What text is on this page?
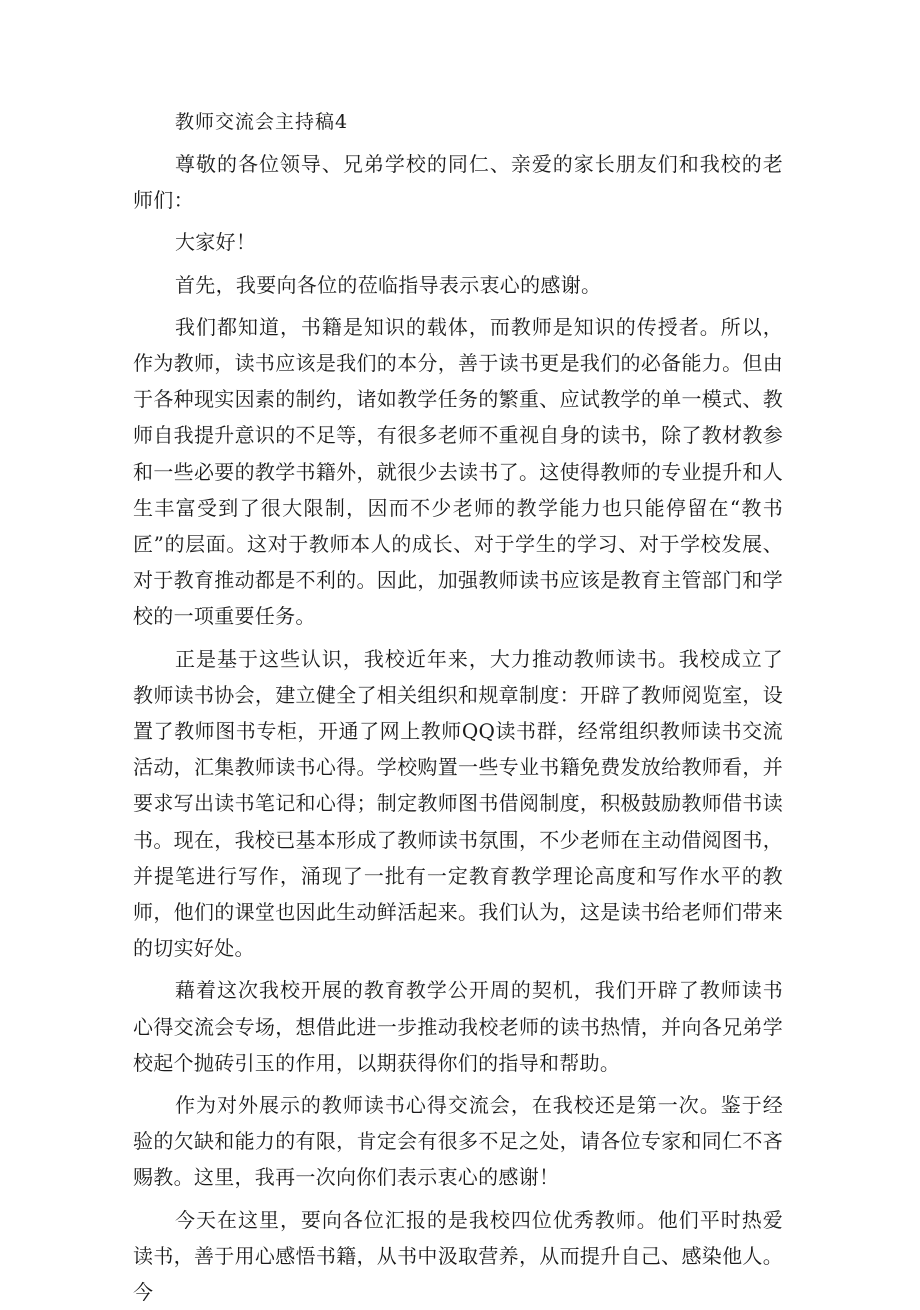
教师交流会主持稿4

尊敬的各位领导、兄弟学校的同仁、亲爱的家长朋友们和我校的老师们：

大家好！

首先，我要向各位的莅临指导表示衷心的感谢。

我们都知道，书籍是知识的载体，而教师是知识的传授者。所以，作为教师，读书应该是我们的本分，善于读书更是我们的必备能力。但由于各种现实因素的制约，诸如教学任务的繁重、应试教学的单一模式、教师自我提升意识的不足等，有很多老师不重视自身的读书，除了教材教参和一些必要的教学书籍外，就很少去读书了。这使得教师的专业提升和人生丰富受到了很大限制，因而不少老师的教学能力也只能停留在“教书匠”的层面。这对于教师本人的成长、对于学生的学习、对于学校发展、对于教育推动都是不利的。因此，加强教师读书应该是教育主管部门和学校的一项重要任务。

正是基于这些认识，我校近年来，大力推动教师读书。我校成立了教师读书协会，建立健全了相关组织和规章制度：开辟了教师阅览室，设置了教师图书专柜，开通了网上教师QQ读书群，经常组织教师读书交流活动，汇集教师读书心得。学校购置一些专业书籍免费发放给教师看，并要求写出读书笔记和心得；制定教师图书借阅制度，积极鼓励教师借书读书。现在，我校已基本形成了教师读书氛围，不少老师在主动借阅图书，并提笔进行写作，涌现了一批有一定教育教学理论高度和写作水平的教师，他们的课堂也因此生动鲜活起来。我们认为，这是读书给老师们带来的切实好处。

藉着这次我校开展的教育教学公开周的契机，我们开辟了教师读书心得交流会专场，想借此进一步推动我校老师的读书热情，并向各兄弟学校起个抛砖引玉的作用，以期获得你们的指导和帮助。

作为对外展示的教师读书心得交流会，在我校还是第一次。鉴于经验的欠缺和能力的有限，肯定会有很多不足之处，请各位专家和同仁不吝赐教。这里，我再一次向你们表示衷心的感谢！

今天在这里，要向各位汇报的是我校四位优秀教师。他们平时热爱读书，善于用心感悟书籍，从书中汲取营养，从而提升自己、感染他人。今
